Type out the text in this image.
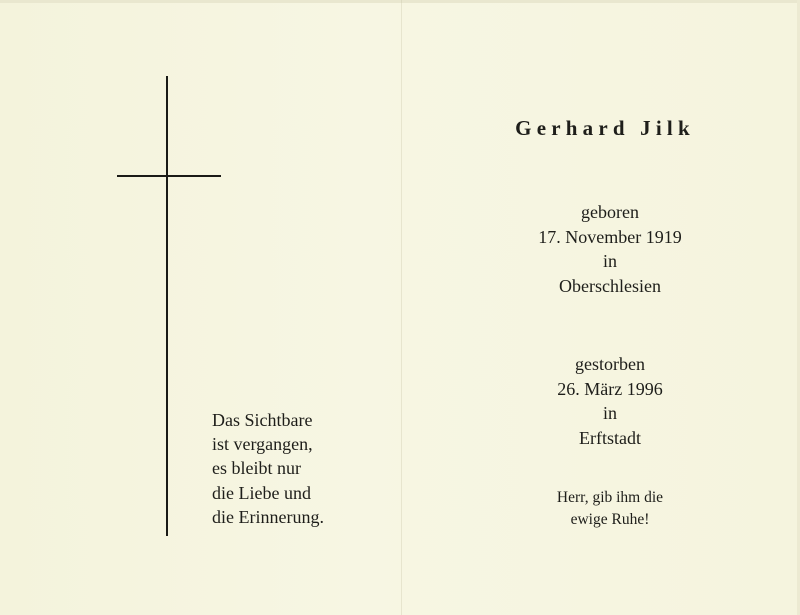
Das Sichtbare
ist vergangen,
es bleibt nur
die Liebe und
die Erinnerung.
Gerhard Jilk
geboren
17. November 1919
in
Oberschlesien
gestorben
26. März 1996
in
Erftstadt
Herr, gib ihm die
ewige Ruhe!
